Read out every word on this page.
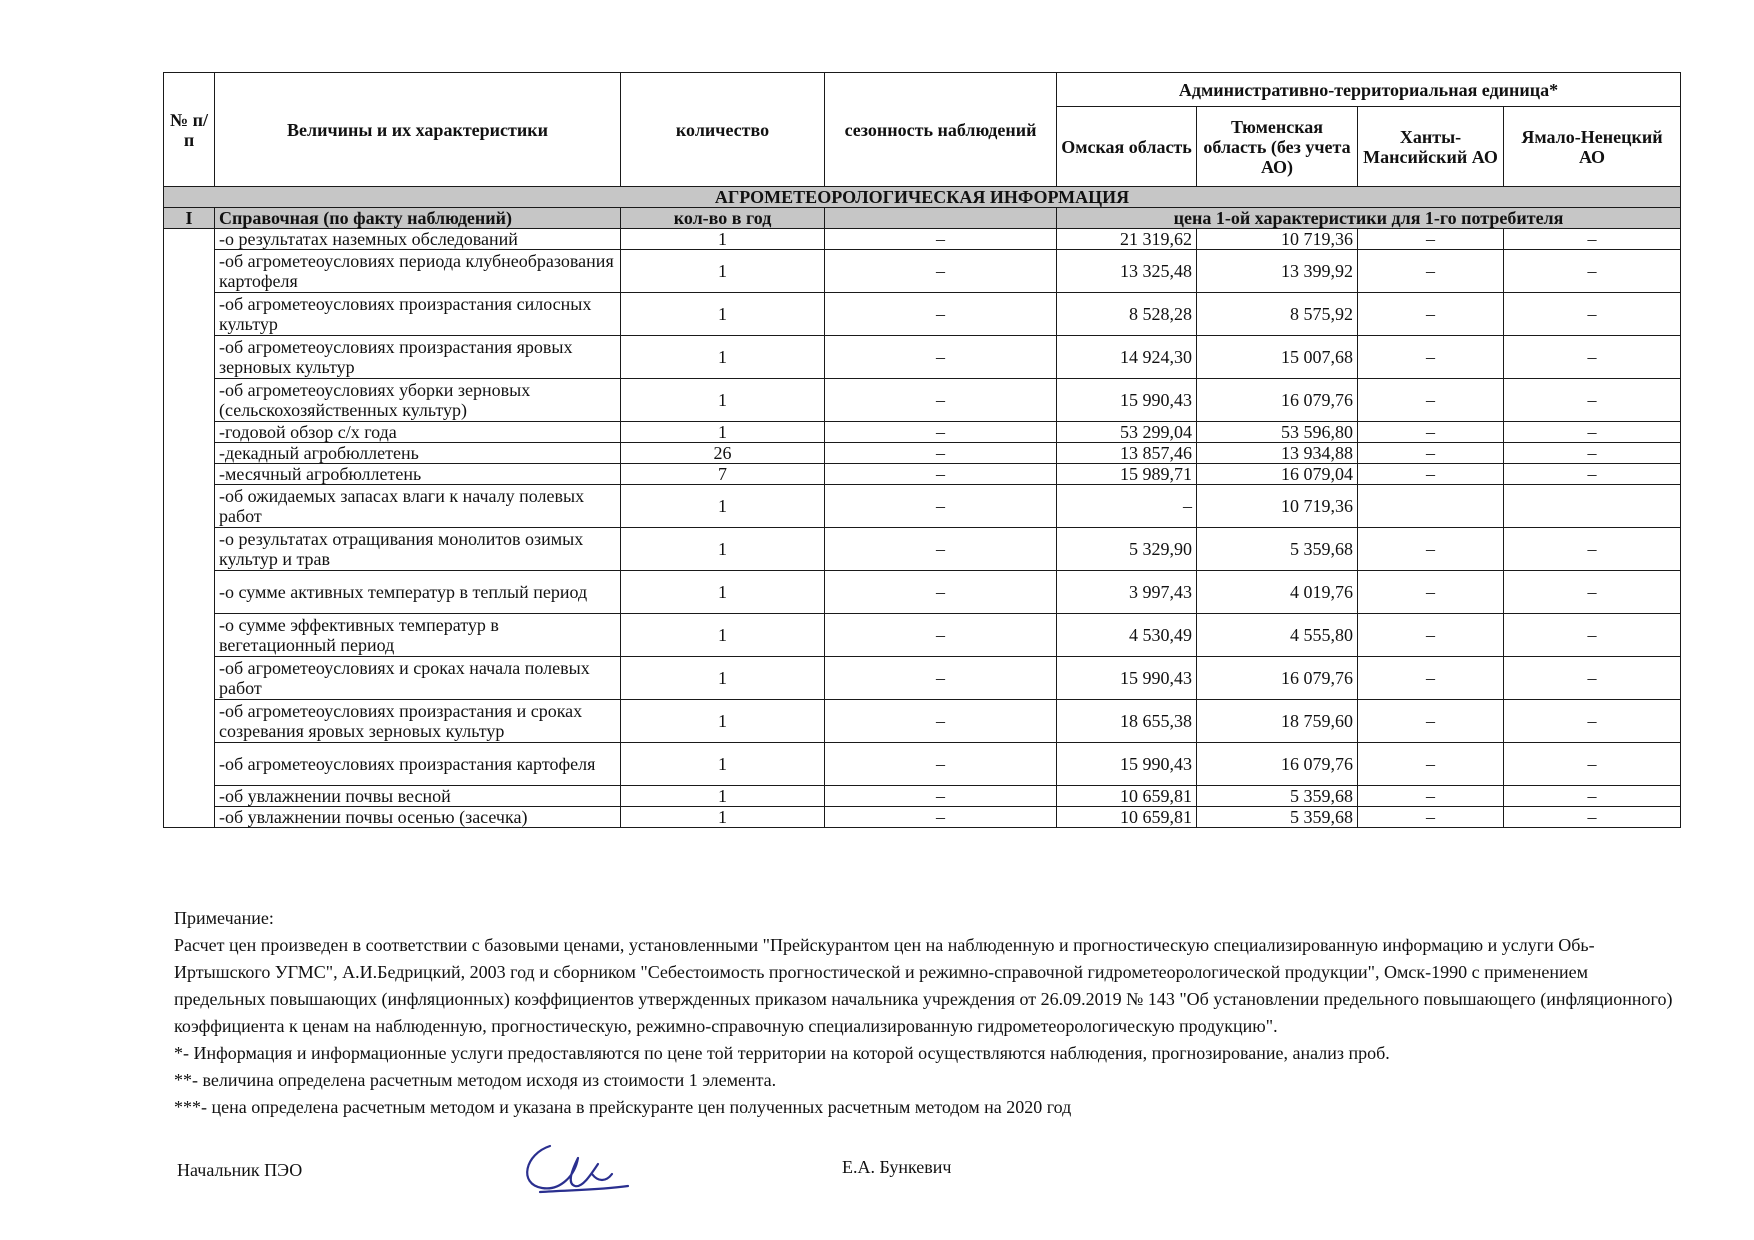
№ п/п	Величины и их характеристики	количество	сезонность наблюдений	Административно-территориальная единица*			
				Омская область	Тюменская область (без учета АО)	Ханты-Мансийский АО	Ямало-Ненецкий АО
АГРОМЕТЕОРОЛОГИЧЕСКАЯ ИНФОРМАЦИЯ							
I	Справочная (по факту наблюдений)	кол-во в год		цена 1-ой характеристики для 1-го потребителя			
	-о результатах наземных обследований	1	–	21 319,62	10 719,36	–	–
	-об агрометеоусловиях периода клубнеобразования картофеля	1	–	13 325,48	13 399,92	–	–
	-об агрометеоусловиях произрастания силосных культур	1	–	8 528,28	8 575,92	–	–
	-об агрометеоусловиях произрастания яровых зерновых культур	1	–	14 924,30	15 007,68	–	–
	-об агрометеоусловиях уборки зерновых (сельскохозяйственных культур)	1	–	15 990,43	16 079,76	–	–
	-годовой обзор с/х года	1	–	53 299,04	53 596,80	–	–
	-декадный агробюллетень	26	–	13 857,46	13 934,88	–	–
	-месячный агробюллетень	7	–	15 989,71	16 079,04	–	–
	-об ожидаемых запасах влаги к началу полевых работ	1	–	–	10 719,36		
	-о результатах отращивания монолитов озимых культур и трав	1	–	5 329,90	5 359,68	–	–
	-о сумме активных температур в теплый период	1	–	3 997,43	4 019,76	–	–
	-о сумме эффективных температур в вегетационный период	1	–	4 530,49	4 555,80	–	–
	-об агрометеоусловиях и сроках начала полевых работ	1	–	15 990,43	16 079,76	–	–
	-об агрометеоусловиях произрастания и сроках созревания яровых зерновых культур	1	–	18 655,38	18 759,60	–	–
	-об агрометеоусловиях произрастания картофеля	1	–	15 990,43	16 079,76	–	–
	-об увлажнении почвы весной	1	–	10 659,81	5 359,68	–	–
	-об увлажнении почвы осенью (засечка)	1	–	10 659,81	5 359,68	–	–

Примечание:

Расчет цен произведен в соответствии с базовыми ценами, установленными "Прейскурантом цен на наблюденную и прогностическую специализированную информацию и услуги Обь-Иртышского УГМС", А.И.Бедрицкий, 2003 год и сборником "Себестоимость прогностической и режимно-справочной гидрометеорологической продукции", Омск-1990 с применением предельных повышающих (инфляционных) коэффициентов утвержденных приказом начальника учреждения от 26.09.2019 № 143 "Об установлении предельного повышающего (инфляционного) коэффициента к ценам на наблюденную, прогностическую, режимно-справочную специализированную гидрометеорологическую продукцию".

*- Информация и информационные услуги предоставляются по цене той территории на которой осуществляются наблюдения, прогнозирование, анализ проб.

**- величина определена расчетным методом исходя из стоимости 1 элемента.

***- цена определена расчетным методом и указана в прейскуранте цен полученных расчетным методом на 2020 год

Начальник ПЭО	Е.А. Бункевич
